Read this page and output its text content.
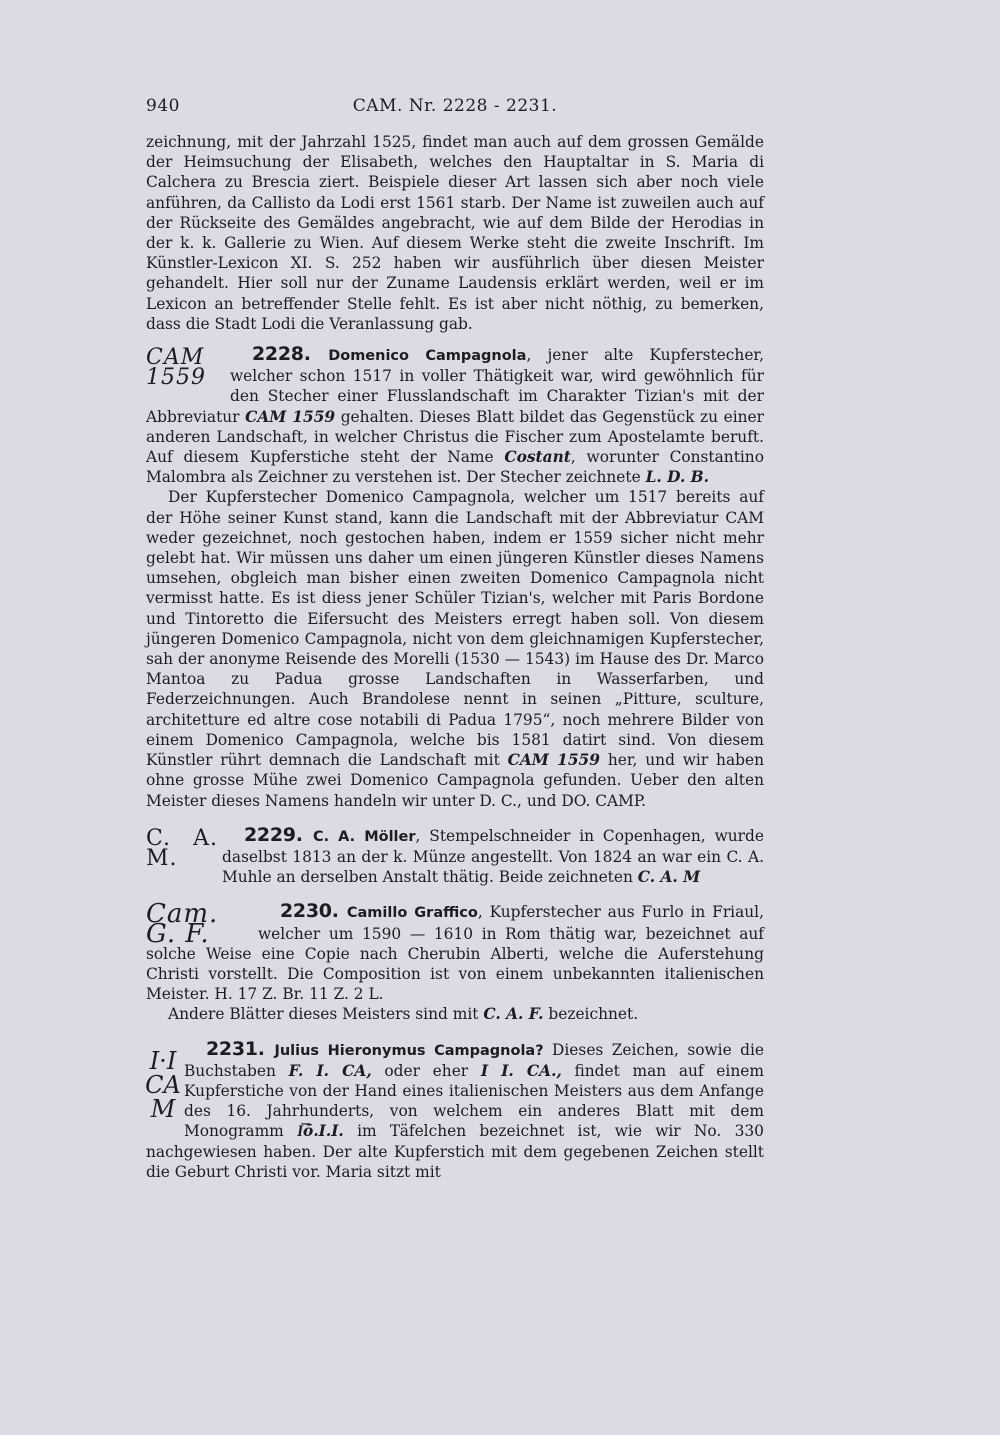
940	CAM. Nr. 2228 - 2231.

zeichnung, mit der Jahrzahl 1525, findet man auch auf dem grossen Gemälde der Heimsuchung der Elisabeth, welches den Hauptaltar in S. Maria di Calchera zu Brescia ziert. Beispiele dieser Art lassen sich aber noch viele anführen, da Callisto da Lodi erst 1561 starb. Der Name ist zuweilen auch auf der Rückseite des Gemäldes angebracht, wie auf dem Bilde der Herodias in der k. k. Gallerie zu Wien. Auf diesem Werke steht die zweite Inschrift. Im Künstler-Lexicon XI. S. 252 haben wir ausführlich über diesen Meister gehandelt. Hier soll nur der Zuname Laudensis erklärt werden, weil er im Lexicon an betreffender Stelle fehlt. Es ist aber nicht nöthig, zu bemerken, dass die Stadt Lodi die Veranlassung gab.

CAM 1559

2228. Domenico Campagnola, jener alte Kupferstecher, welcher schon 1517 in voller Thätigkeit war, wird gewöhnlich für den Stecher einer Flusslandschaft im Charakter Tizian's mit der Abbreviatur CAM 1559 gehalten. Dieses Blatt bildet das Gegenstück zu einer anderen Landschaft, in welcher Christus die Fischer zum Apostelamte beruft. Auf diesem Kupferstiche steht der Name Costant, worunter Constantino Malombra als Zeichner zu verstehen ist. Der Stecher zeichnete L. D. B.

Der Kupferstecher Domenico Campagnola, welcher um 1517 bereits auf der Höhe seiner Kunst stand, kann die Landschaft mit der Abbreviatur CAM weder gezeichnet, noch gestochen haben, indem er 1559 sicher nicht mehr gelebt hat. Wir müssen uns daher um einen jüngeren Künstler dieses Namens umsehen, obgleich man bisher einen zweiten Domenico Campagnola nicht vermisst hatte. Es ist diess jener Schüler Tizian's, welcher mit Paris Bordone und Tintoretto die Eifersucht des Meisters erregt haben soll. Von diesem jüngeren Domenico Campagnola, nicht von dem gleichnamigen Kupferstecher, sah der anonyme Reisende des Morelli (1530 — 1543) im Hause des Dr. Marco Mantoa zu Padua grosse Landschaften in Wasserfarben, und Federzeichnungen. Auch Brandolese nennt in seinen „Pitture, sculture, architetture ed altre cose notabili di Padua 1795“, noch mehrere Bilder von einem Domenico Campagnola, welche bis 1581 datirt sind. Von diesem Künstler rührt demnach die Landschaft mit CAM 1559 her, und wir haben ohne grosse Mühe zwei Domenico Campagnola gefunden. Ueber den alten Meister dieses Namens handeln wir unter D. C., und DO. CAMP.

C. A. M.

2229. C. A. Möller, Stempelschneider in Copenhagen, wurde daselbst 1813 an der k. Münze angestellt. Von 1824 an war ein C. A. Muhle an derselben Anstalt thätig. Beide zeichneten C. A. M

Cam. G. F.

2230. Camillo Graffico, Kupferstecher aus Furlo in Friaul, welcher um 1590 — 1610 in Rom thätig war, bezeichnet auf solche Weise eine Copie nach Cherubin Alberti, welche die Auferstehung Christi vorstellt. Die Composition ist von einem unbekannten italienischen Meister. H. 17 Z. Br. 11 Z. 2 L.

Andere Blätter dieses Meisters sind mit C. A. F. bezeichnet.

I·I
CA
M

2231. Julius Hieronymus Campagnola? Dieses Zeichen, sowie die Buchstaben F. I. CA, oder eher I I. CA., findet man auf einem Kupferstiche von der Hand eines italienischen Meisters aus dem Anfange des 16. Jahrhunderts, von welchem ein anderes Blatt mit dem Monogramm I͞ō.I.I. im Täfelchen bezeichnet ist, wie wir No. 330 nachgewiesen haben. Der alte Kupferstich mit dem gegebenen Zeichen stellt die Geburt Christi vor. Maria sitzt mit
